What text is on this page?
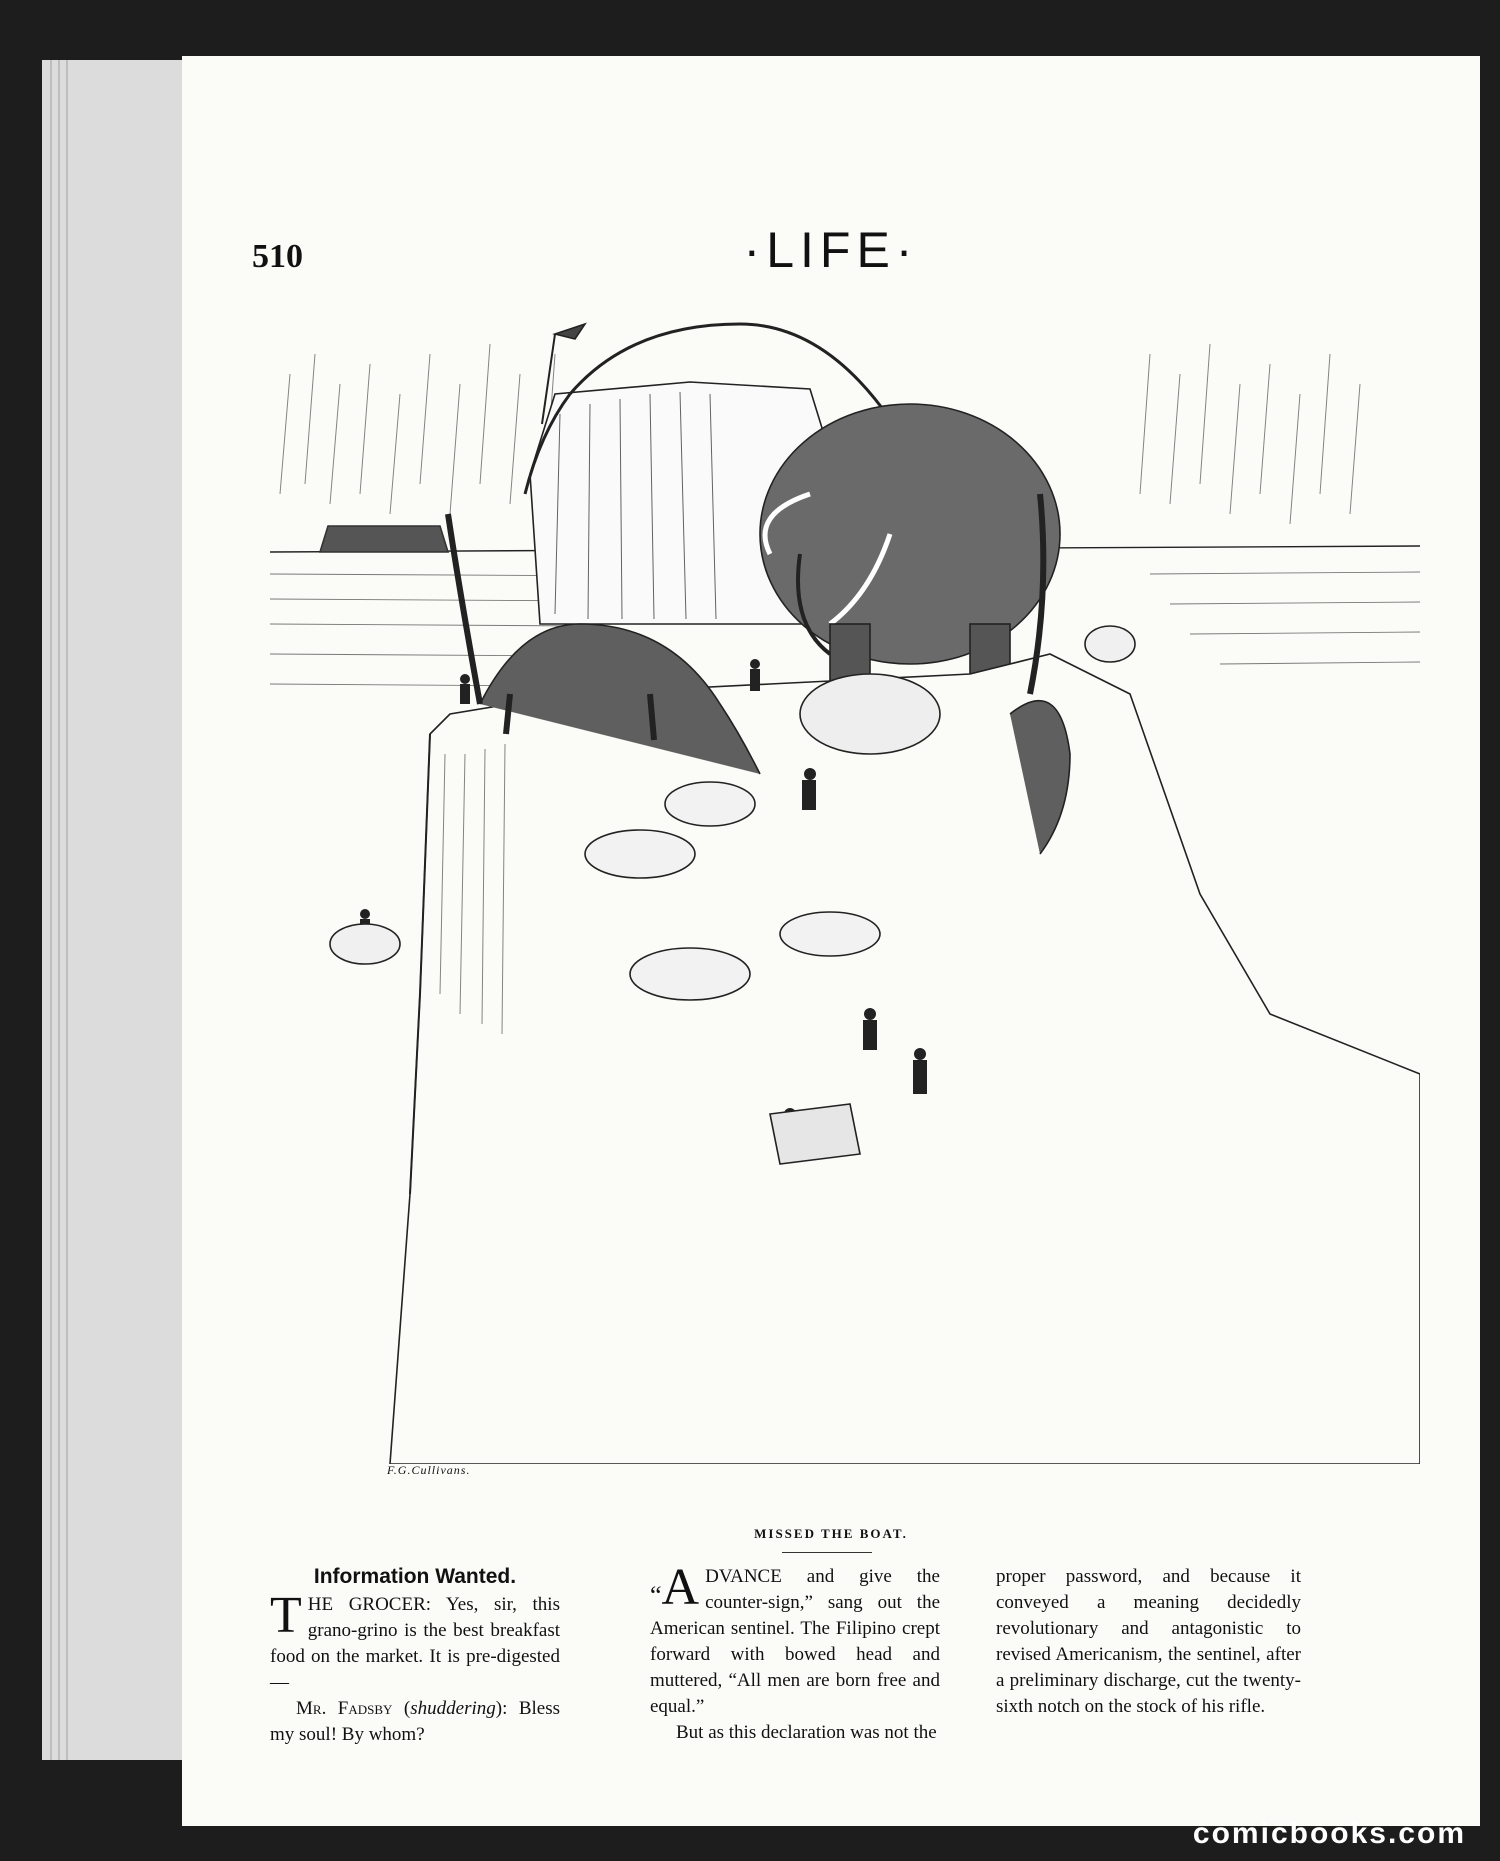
510	·LIFE·
F.G.Cullivans.
MISSED THE BOAT.
Information Wanted.

THE GROCER: Yes, sir, this grano-grino is the best breakfast food on the market. It is pre-digested—

Mr. Fadsby (shuddering): Bless my soul! By whom?

“A DVANCE and give the counter-sign,” sang out the American sentinel. The Filipino crept forward with bowed head and muttered, “All men are born free and equal.”

But as this declaration was not the

proper password, and because it conveyed a meaning decidedly revolutionary and antagonistic to revised Americanism, the sentinel, after a preliminary discharge, cut the twenty-sixth notch on the stock of his rifle.

comicbooks.com
